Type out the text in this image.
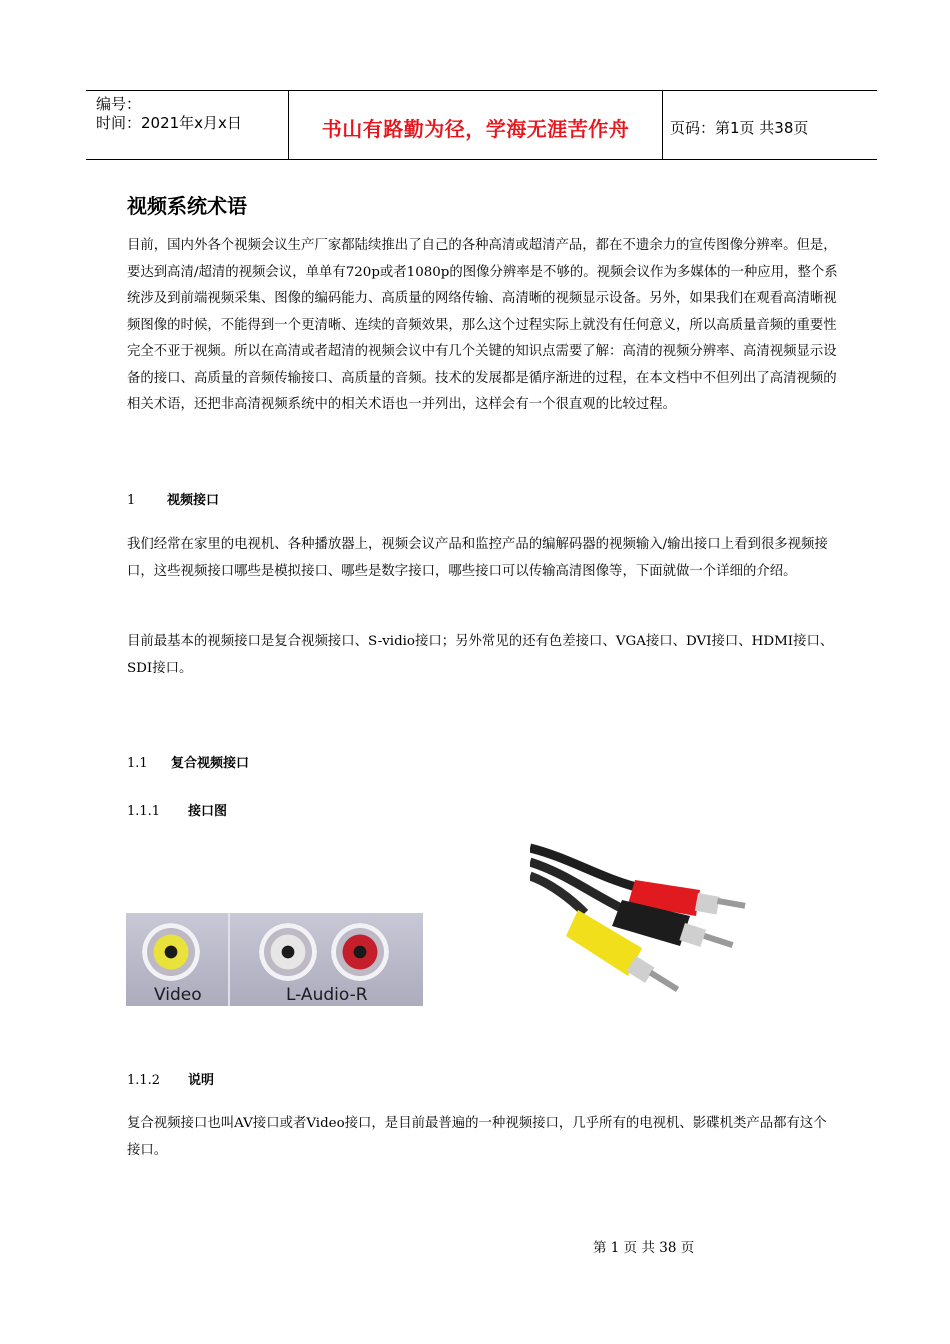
编号：
时间：2021年x月x日	书山有路勤为径，学海无涯苦作舟	页码：第1页 共38页
视频系统术语
目前，国内外各个视频会议生产厂家都陆续推出了自己的各种高清或超清产品，都在不遗余力的宣传图像分辨率。但是，要达到高清/超清的视频会议，单单有720p或者1080p的图像分辨率是不够的。视频会议作为多媒体的一种应用，整个系统涉及到前端视频采集、图像的编码能力、高质量的网络传输、高清晰的视频显示设备。另外，如果我们在观看高清晰视频图像的时候，不能得到一个更清晰、连续的音频效果，那么这个过程实际上就没有任何意义，所以高质量音频的重要性完全不亚于视频。所以在高清或者超清的视频会议中有几个关键的知识点需要了解：高清的视频分辨率、高清视频显示设备的接口、高质量的音频传输接口、高质量的音频。技术的发展都是循序渐进的过程，在本文档中不但列出了高清视频的相关术语，还把非高清视频系统中的相关术语也一并列出，这样会有一个很直观的比较过程。
1 视频接口
我们经常在家里的电视机、各种播放器上，视频会议产品和监控产品的编解码器的视频输入/输出接口上看到很多视频接口，这些视频接口哪些是模拟接口、哪些是数字接口，哪些接口可以传输高清图像等，下面就做一个详细的介绍。
目前最基本的视频接口是复合视频接口、S-vidio接口；另外常见的还有色差接口、VGA接口、DVI接口、HDMI接口、SDI接口。
1.1 复合视频接口
1.1.1 接口图
Video	L-Audio-R
1.1.2 说明
复合视频接口也叫AV接口或者Video接口，是目前最普遍的一种视频接口，几乎所有的电视机、影碟机类产品都有这个接口。
第 1 页 共 38 页
